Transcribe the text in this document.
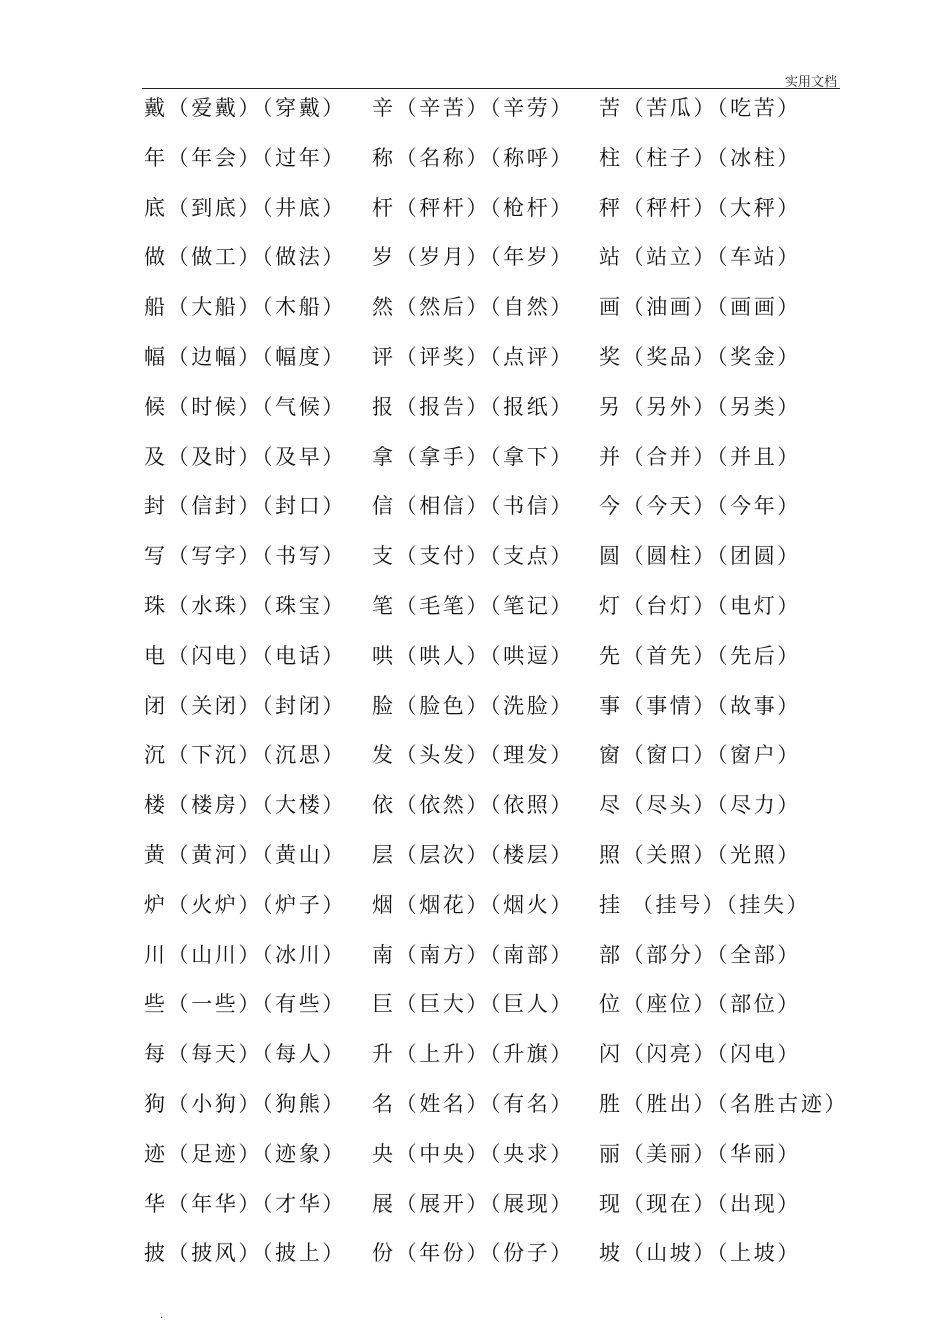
实用文档
戴（爱戴）（穿戴） 辛（辛苦）（辛劳） 苦（苦瓜）（吃苦）
年（年会）（过年） 称（名称）（称呼） 柱（柱子）（冰柱）
底（到底）（井底） 杆（秤杆）（枪杆） 秤（秤杆）（大秤）
做（做工）（做法） 岁（岁月）（年岁） 站（站立）（车站）
船（大船）（木船） 然（然后）（自然） 画（油画）（画画）
幅（边幅）（幅度） 评（评奖）（点评） 奖（奖品）（奖金）
候（时候）（气候） 报（报告）（报纸） 另（另外）（另类）
及（及时）（及早） 拿（拿手）（拿下） 并（合并）（并且）
封（信封）（封口） 信（相信）（书信） 今（今天）（今年）
写（写字）（书写） 支（支付）（支点） 圆（圆柱）（团圆）
珠（水珠）（珠宝） 笔（毛笔）（笔记） 灯（台灯）（电灯）
电（闪电）（电话） 哄（哄人）（哄逗） 先（首先）（先后）
闭（关闭）（封闭） 脸（脸色）（洗脸） 事（事情）（故事）
沉（下沉）（沉思） 发（头发）（理发） 窗（窗口）（窗户）
楼（楼房）（大楼） 依（依然）（依照） 尽（尽头）（尽力）
黄（黄河）（黄山） 层（层次）（楼层） 照（关照）（光照）
炉（火炉）（炉子） 烟（烟花）（烟火） 挂 （挂号）（挂失）
川（山川）（冰川） 南（南方）（南部） 部（部分）（全部）
些（一些）（有些） 巨（巨大）（巨人） 位（座位）（部位）
每（每天）（每人） 升（上升）（升旗） 闪（闪亮）（闪电）
狗（小狗）（狗熊） 名（姓名）（有名） 胜（胜出）（名胜古迹）
迹（足迹）（迹象） 央（中央）（央求） 丽（美丽）（华丽）
华（年华）（才华） 展（展开）（展现） 现（现在）（出现）
披（披风）（披上） 份（年份）（份子） 坡（山坡）（上坡）
.
